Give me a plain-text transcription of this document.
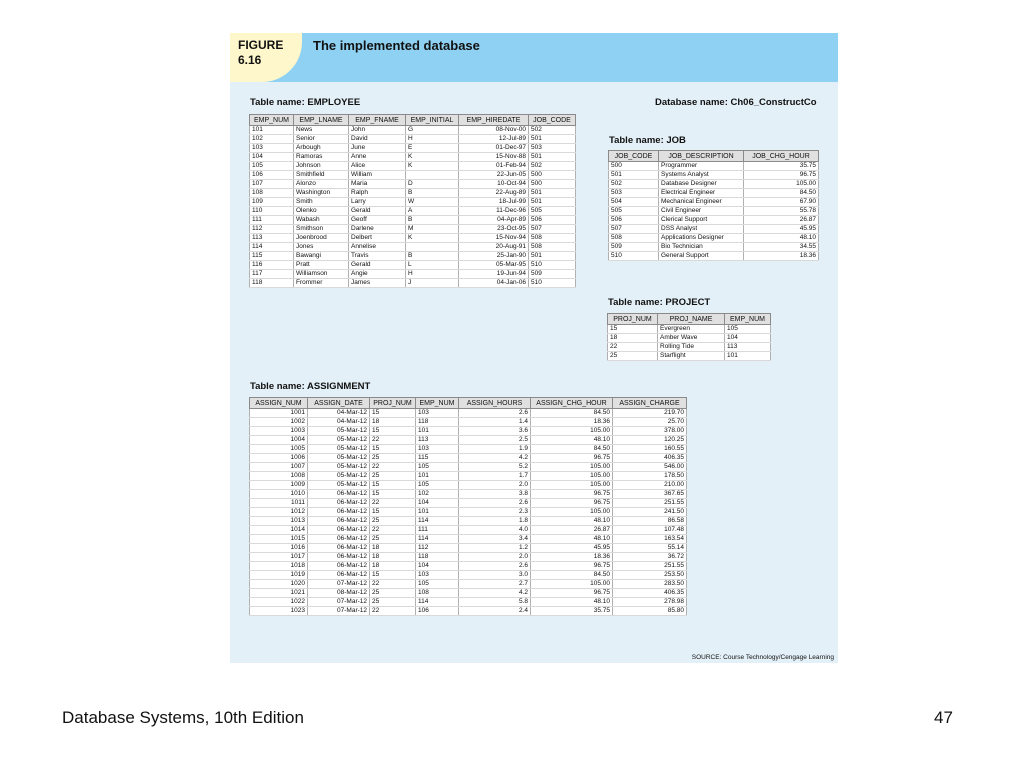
FIGURE
6.16
The implemented database
Table name: EMPLOYEE	Database name: Ch06_ConstructCo
EMP_NUM	EMP_LNAME	EMP_FNAME	EMP_INITIAL	EMP_HIREDATE	JOB_CODE
101	News	John	G	08-Nov-00	502
102	Senior	David	H	12-Jul-89	501
103	Arbough	June	E	01-Dec-97	503
104	Ramoras	Anne	K	15-Nov-88	501
105	Johnson	Alice	K	01-Feb-94	502
106	Smithfield	William		22-Jun-05	500
107	Alonzo	Maria	D	10-Oct-94	500
108	Washington	Ralph	B	22-Aug-89	501
109	Smith	Larry	W	18-Jul-99	501
110	Olenko	Gerald	A	11-Dec-96	505
111	Wabash	Geoff	B	04-Apr-89	506
112	Smithson	Darlene	M	23-Oct-95	507
113	Joenbrood	Delbert	K	15-Nov-94	508
114	Jones	Annelise		20-Aug-91	508
115	Bawangi	Travis	B	25-Jan-90	501
116	Pratt	Gerald	L	05-Mar-95	510
117	Williamson	Angie	H	19-Jun-94	509
118	Frommer	James	J	04-Jan-06	510
Table name: JOB
JOB_CODE	JOB_DESCRIPTION	JOB_CHG_HOUR
500	Programmer	35.75
501	Systems Analyst	96.75
502	Database Designer	105.00
503	Electrical Engineer	84.50
504	Mechanical Engineer	67.90
505	Civil Engineer	55.78
506	Clerical Support	26.87
507	DSS Analyst	45.95
508	Applications Designer	48.10
509	Bio Technician	34.55
510	General Support	18.36
Table name: PROJECT
PROJ_NUM	PROJ_NAME	EMP_NUM
15	Evergreen	105
18	Amber Wave	104
22	Rolling Tide	113
25	Starflight	101
Table name: ASSIGNMENT
ASSIGN_NUM	ASSIGN_DATE	PROJ_NUM	EMP_NUM	ASSIGN_HOURS	ASSIGN_CHG_HOUR	ASSIGN_CHARGE
1001	04-Mar-12	15	103	2.6	84.50	219.70
1002	04-Mar-12	18	118	1.4	18.36	25.70
1003	05-Mar-12	15	101	3.6	105.00	378.00
1004	05-Mar-12	22	113	2.5	48.10	120.25
1005	05-Mar-12	15	103	1.9	84.50	160.55
1006	05-Mar-12	25	115	4.2	96.75	406.35
1007	05-Mar-12	22	105	5.2	105.00	546.00
1008	05-Mar-12	25	101	1.7	105.00	178.50
1009	05-Mar-12	15	105	2.0	105.00	210.00
1010	06-Mar-12	15	102	3.8	96.75	367.65
1011	06-Mar-12	22	104	2.6	96.75	251.55
1012	06-Mar-12	15	101	2.3	105.00	241.50
1013	06-Mar-12	25	114	1.8	48.10	86.58
1014	06-Mar-12	22	111	4.0	26.87	107.48
1015	06-Mar-12	25	114	3.4	48.10	163.54
1016	06-Mar-12	18	112	1.2	45.95	55.14
1017	06-Mar-12	18	118	2.0	18.36	36.72
1018	06-Mar-12	18	104	2.6	96.75	251.55
1019	06-Mar-12	15	103	3.0	84.50	253.50
1020	07-Mar-12	22	105	2.7	105.00	283.50
1021	08-Mar-12	25	108	4.2	96.75	406.35
1022	07-Mar-12	25	114	5.8	48.10	278.98
1023	07-Mar-12	22	106	2.4	35.75	85.80
SOURCE: Course Technology/Cengage Learning
Database Systems, 10th Edition	47
